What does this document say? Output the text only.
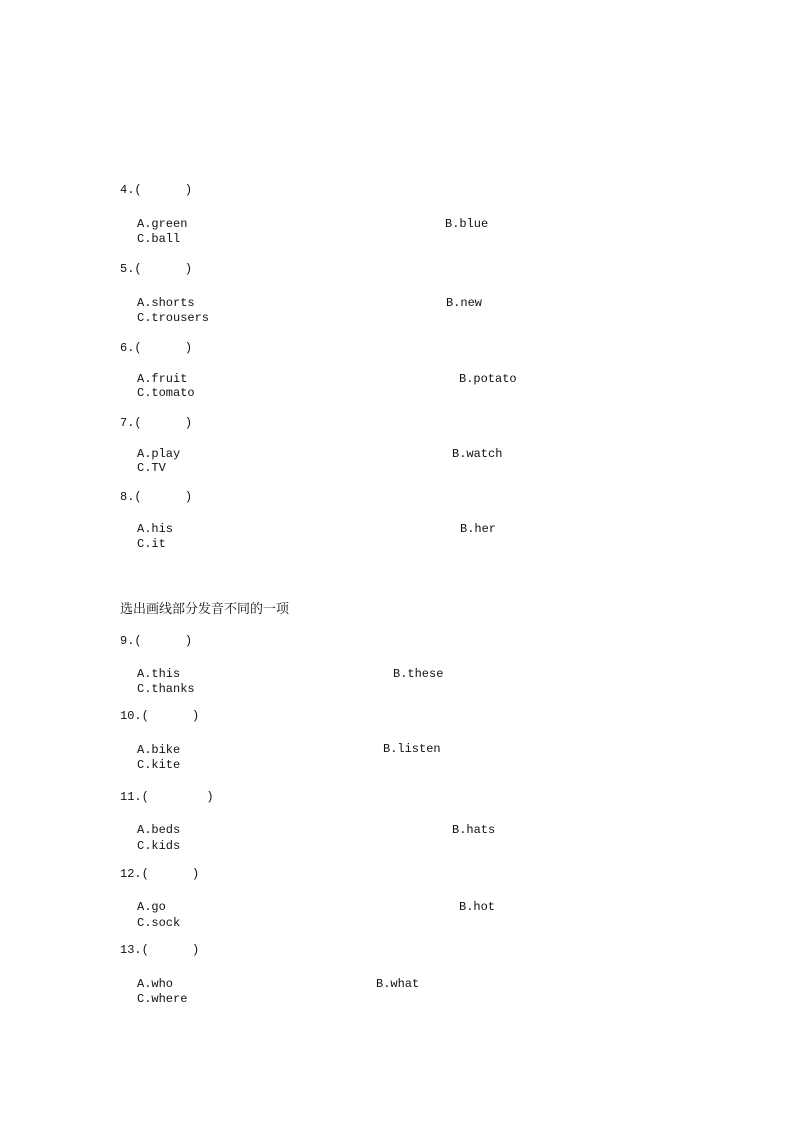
4.(      )
A.green	B.blue
C.ball
5.(      )
A.shorts	B.new
C.trousers
6.(      )
A.fruit	B.potato
C.tomato
7.(      )
A.play	B.watch
C.TV
8.(      )
A.his	B.her
C.it
选出画线部分发音不同的一项
9.(      )
A.this	B.these
C.thanks
10.(      )
A.bike	B.listen
C.kite
11.(        )
A.beds	B.hats
C.kids
12.(      )
A.go	B.hot
C.sock
13.(      )
A.who	B.what
C.where
